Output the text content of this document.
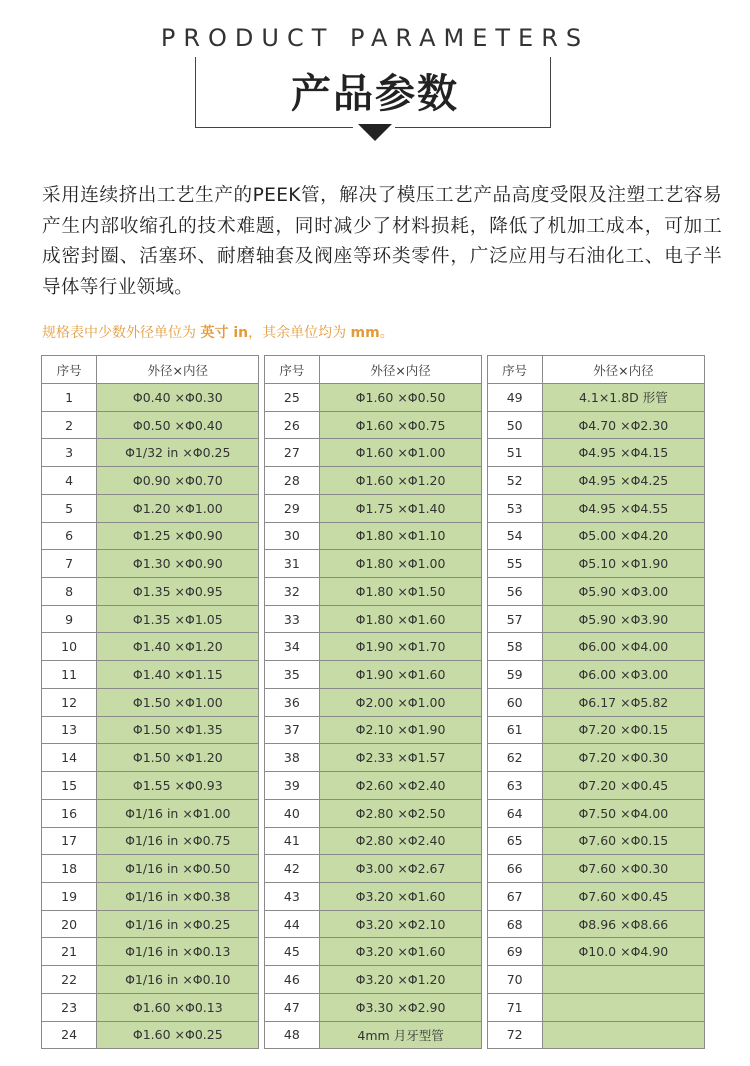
PRODUCT PARAMETERS
产品参数
采用连续挤出工艺生产的PEEK管，解决了模压工艺产品高度受限及注塑工艺容易产生内部收缩孔的技术难题，同时减少了材料损耗，降低了机加工成本，可加工成密封圈、活塞环、耐磨轴套及阀座等环类零件，广泛应用与石油化工、电子半导体等行业领域。
规格表中少数外径单位为 英寸 in，其余单位均为 mm。
序号	外径×内径		序号	外径×内径		序号	外径×内径
1	Φ0.40 ×Φ0.30		25	Φ1.60 ×Φ0.50		49	4.1×1.8D 形管
2	Φ0.50 ×Φ0.40		26	Φ1.60 ×Φ0.75		50	Φ4.70 ×Φ2.30
3	Φ1/32 in ×Φ0.25		27	Φ1.60 ×Φ1.00		51	Φ4.95 ×Φ4.15
4	Φ0.90 ×Φ0.70		28	Φ1.60 ×Φ1.20		52	Φ4.95 ×Φ4.25
5	Φ1.20 ×Φ1.00		29	Φ1.75 ×Φ1.40		53	Φ4.95 ×Φ4.55
6	Φ1.25 ×Φ0.90		30	Φ1.80 ×Φ1.10		54	Φ5.00 ×Φ4.20
7	Φ1.30 ×Φ0.90		31	Φ1.80 ×Φ1.00		55	Φ5.10 ×Φ1.90
8	Φ1.35 ×Φ0.95		32	Φ1.80 ×Φ1.50		56	Φ5.90 ×Φ3.00
9	Φ1.35 ×Φ1.05		33	Φ1.80 ×Φ1.60		57	Φ5.90 ×Φ3.90
10	Φ1.40 ×Φ1.20		34	Φ1.90 ×Φ1.70		58	Φ6.00 ×Φ4.00
11	Φ1.40 ×Φ1.15		35	Φ1.90 ×Φ1.60		59	Φ6.00 ×Φ3.00
12	Φ1.50 ×Φ1.00		36	Φ2.00 ×Φ1.00		60	Φ6.17 ×Φ5.82
13	Φ1.50 ×Φ1.35		37	Φ2.10 ×Φ1.90		61	Φ7.20 ×Φ0.15
14	Φ1.50 ×Φ1.20		38	Φ2.33 ×Φ1.57		62	Φ7.20 ×Φ0.30
15	Φ1.55 ×Φ0.93		39	Φ2.60 ×Φ2.40		63	Φ7.20 ×Φ0.45
16	Φ1/16 in ×Φ1.00		40	Φ2.80 ×Φ2.50		64	Φ7.50 ×Φ4.00
17	Φ1/16 in ×Φ0.75		41	Φ2.80 ×Φ2.40		65	Φ7.60 ×Φ0.15
18	Φ1/16 in ×Φ0.50		42	Φ3.00 ×Φ2.67		66	Φ7.60 ×Φ0.30
19	Φ1/16 in ×Φ0.38		43	Φ3.20 ×Φ1.60		67	Φ7.60 ×Φ0.45
20	Φ1/16 in ×Φ0.25		44	Φ3.20 ×Φ2.10		68	Φ8.96 ×Φ8.66
21	Φ1/16 in ×Φ0.13		45	Φ3.20 ×Φ1.60		69	Φ10.0 ×Φ4.90
22	Φ1/16 in ×Φ0.10		46	Φ3.20 ×Φ1.20		70	
23	Φ1.60 ×Φ0.13		47	Φ3.30 ×Φ2.90		71	
24	Φ1.60 ×Φ0.25		48	4mm 月牙型管		72	
